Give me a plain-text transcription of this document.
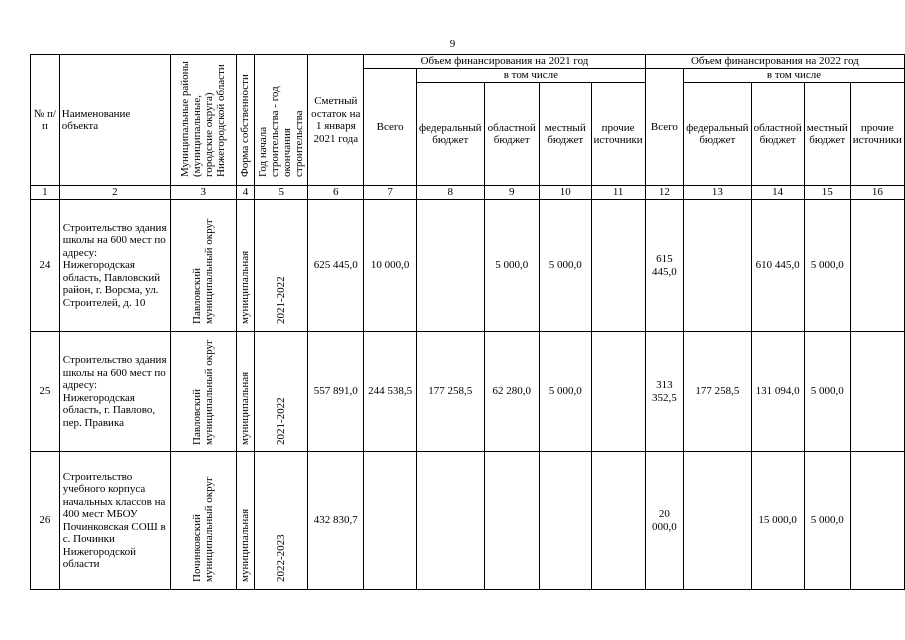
9
№ п/п	Наименование объекта	Муниципальные районы (муниципальные, городские округа) Нижегородской области	Форма собственности	Год начала строительства - год окончания строительства	Сметный остаток на 1 января 2021 года	Объем финансирования на 2021 год					Объем финансирования на 2022 год				
						Всего	в том числе				Всего	в том числе			
							федеральный бюджет	областной бюджет	местный бюджет	прочие источники		федеральный бюджет	областной бюджет	местный бюджет	прочие источники
1	2	3	4	5	6	7	8	9	10	11	12	13	14	15	16
24	Строительство здания школы на 600 мест по адресу: Нижегородская область, Павловский район, г. Ворсма, ул. Строителей, д. 10	Павловский муниципальный округ	муниципальная	2021-2022	625 445,0	10 000,0		5 000,0	5 000,0		615 445,0		610 445,0	5 000,0	
25	Строительство здания школы на 600 мест по адресу: Нижегородская область, г. Павлово, пер. Правика	Павловский муниципальный округ	муниципальная	2021-2022	557 891,0	244 538,5	177 258,5	62 280,0	5 000,0		313 352,5	177 258,5	131 094,0	5 000,0	
26	Строительство учебного корпуса начальных классов на 400 мест МБОУ Починковская СОШ в с. Починки Нижегородской области	Починковский муниципальный округ	муниципальная	2022-2023	432 830,7						20 000,0		15 000,0	5 000,0	
